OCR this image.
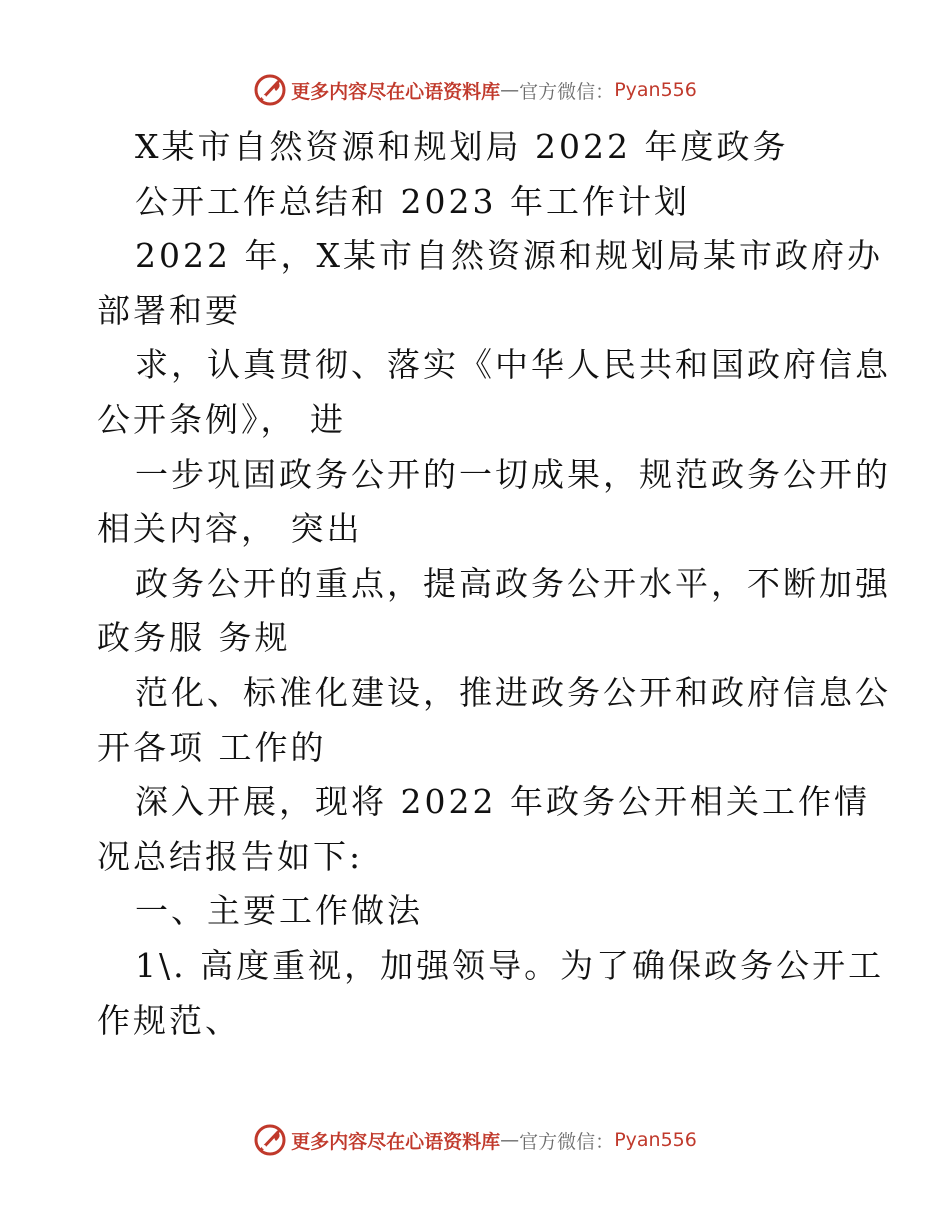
更多内容尽在心语资料库 — 官方微信： Pyan556
X某市自然资源和规划局 2022 年度政务
公开工作总结和 2023 年工作计划
2022 年，X某市自然资源和规划局某市政府办
部署和要
求，认真贯彻、落实《中华人民共和国政府信息
公开条例》， 进
一步巩固政务公开的一切成果，规范政务公开的
相关内容， 突出
政务公开的重点，提高政务公开水平，不断加强
政务服 务规
范化、标准化建设，推进政务公开和政府信息公
开各项 工作的
深入开展，现将 2022 年政务公开相关工作情
况总结报告如下:
一、主要工作做法
1\. 高度重视，加强领导。为了确保政务公开工
作规范、
更多内容尽在心语资料库 — 官方微信： Pyan556
